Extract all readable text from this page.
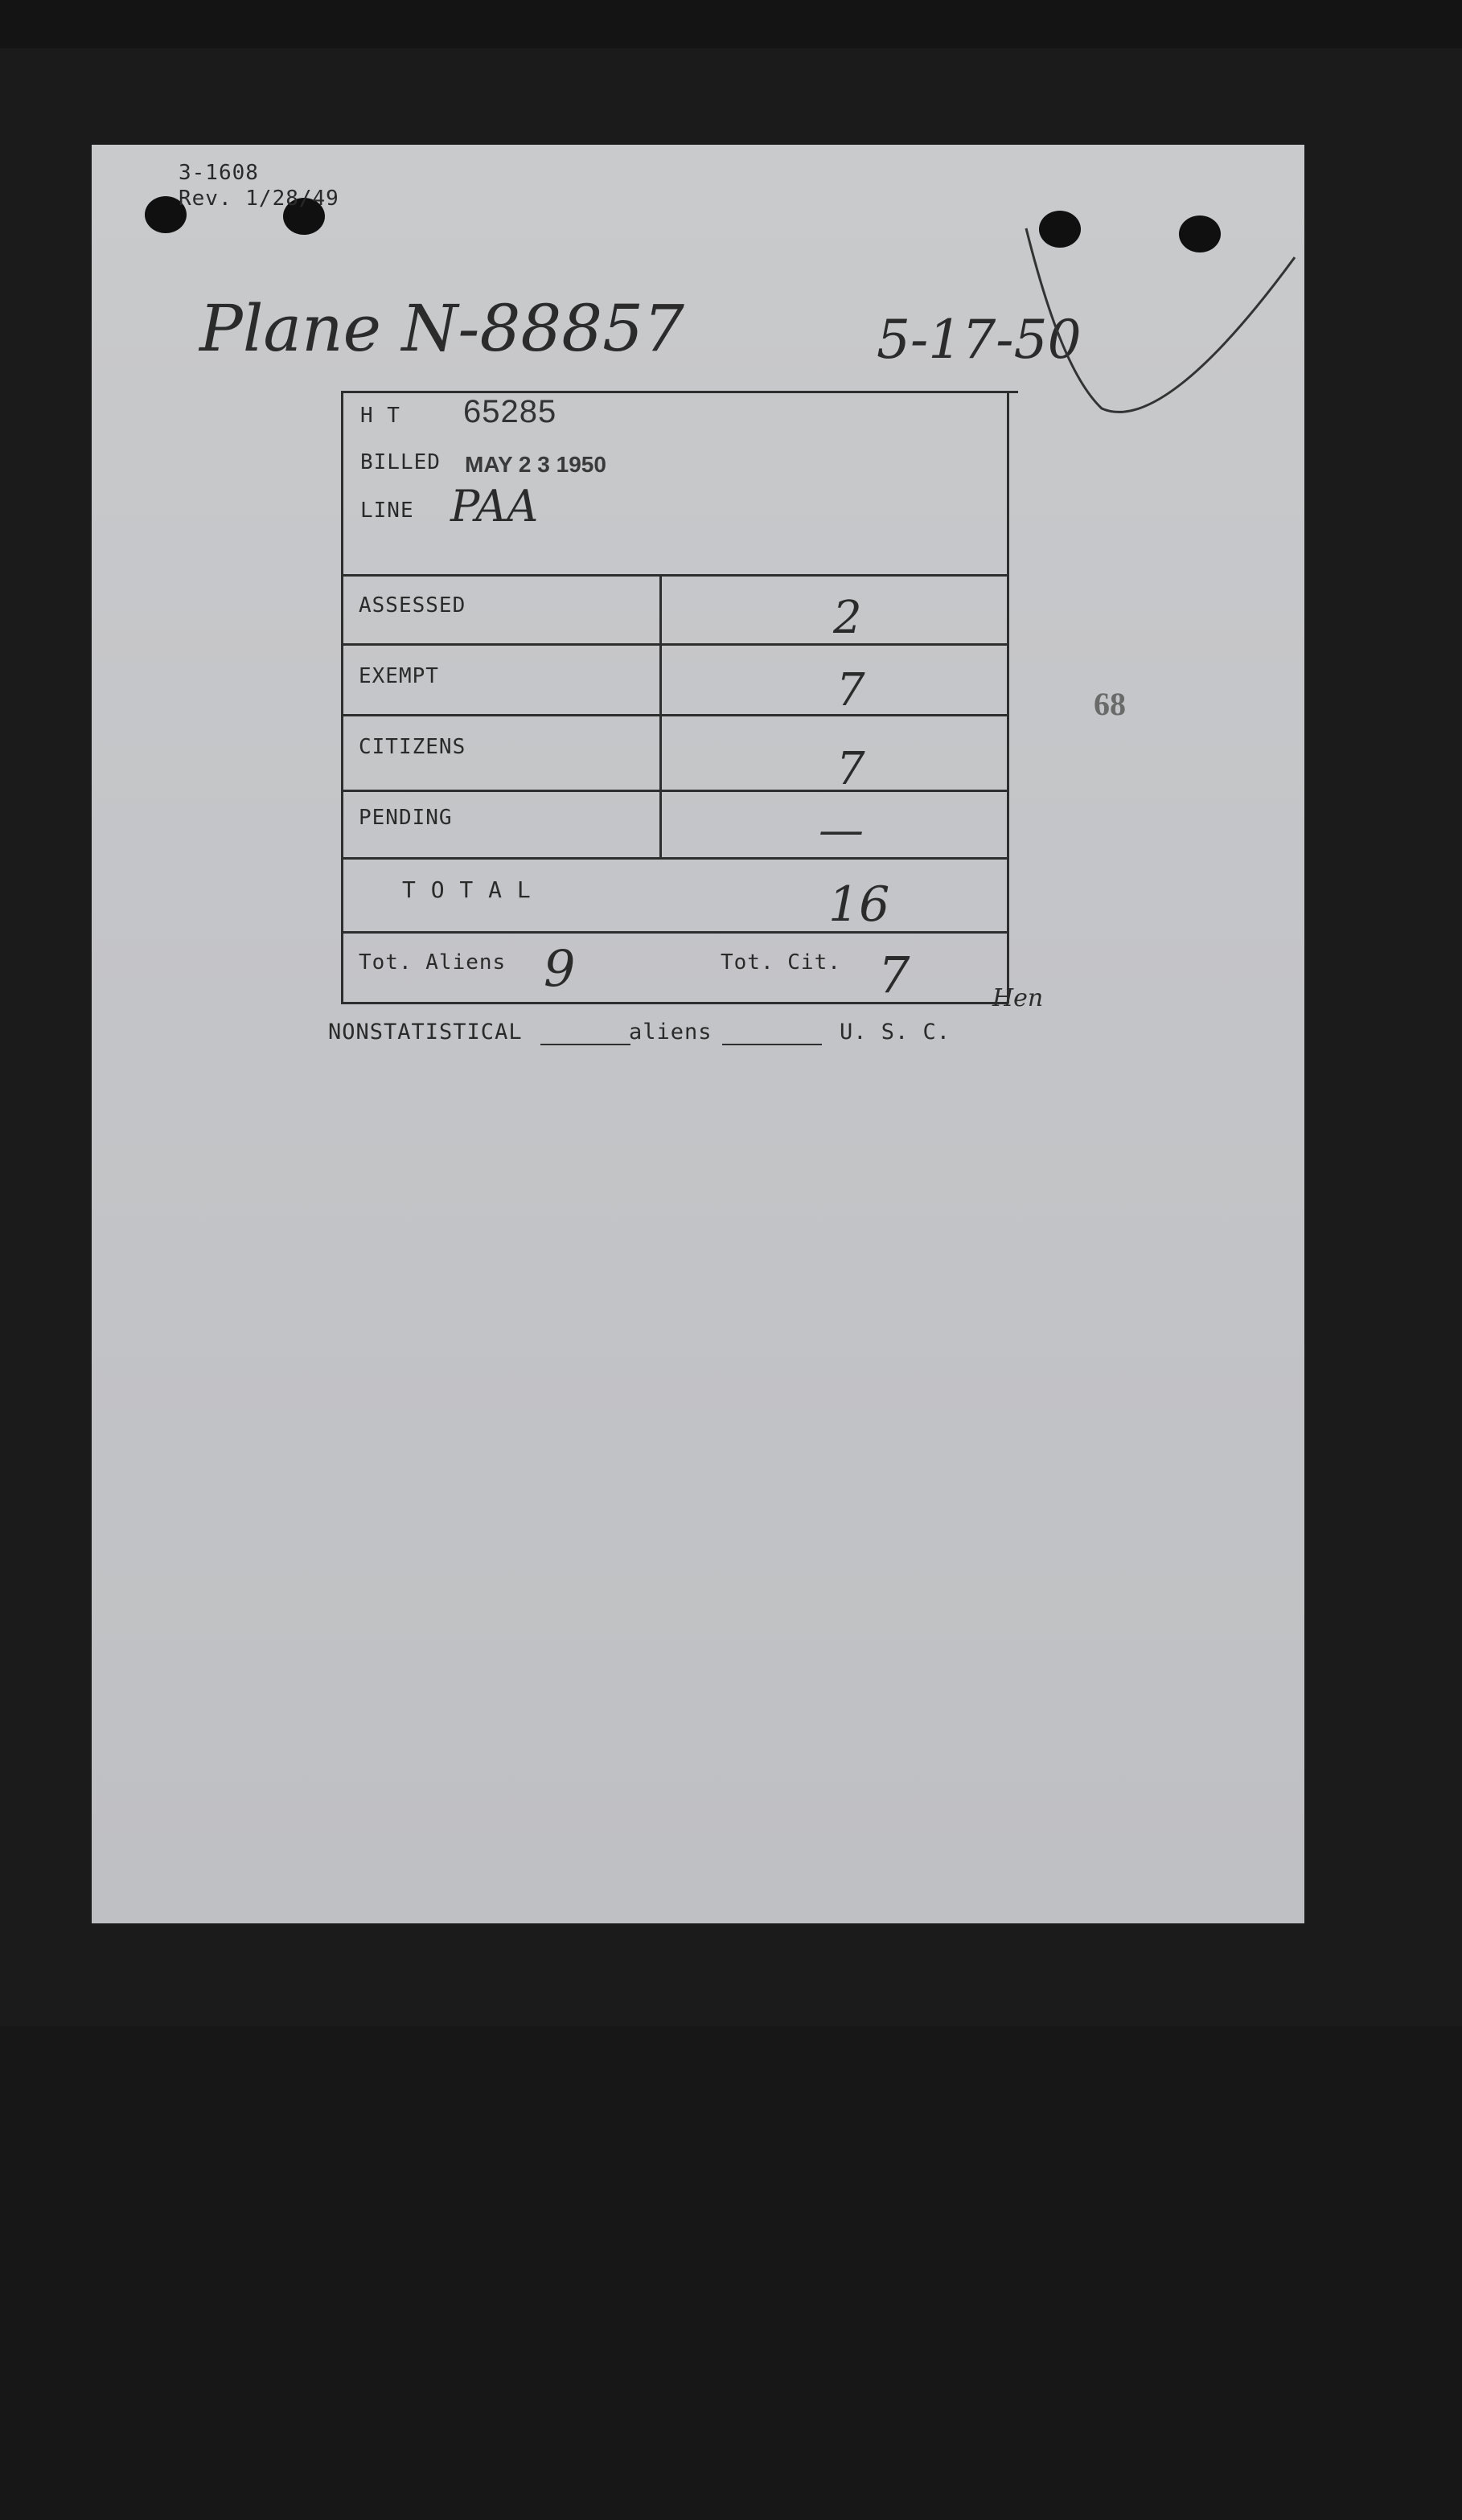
3-1608
Rev. 1/28/49
Plane N-88857	5-17-50
H T 65285
BILLED MAY 2 3 1950
LINE PAA
ASSESSED	2
EXEMPT	7
CITIZENS	7
PENDING	—
T O T A L	16
Tot. Aliens 9	Tot. Cit. 7	Hen
NONSTATISTICAL	aliens	U. S. C.
68
